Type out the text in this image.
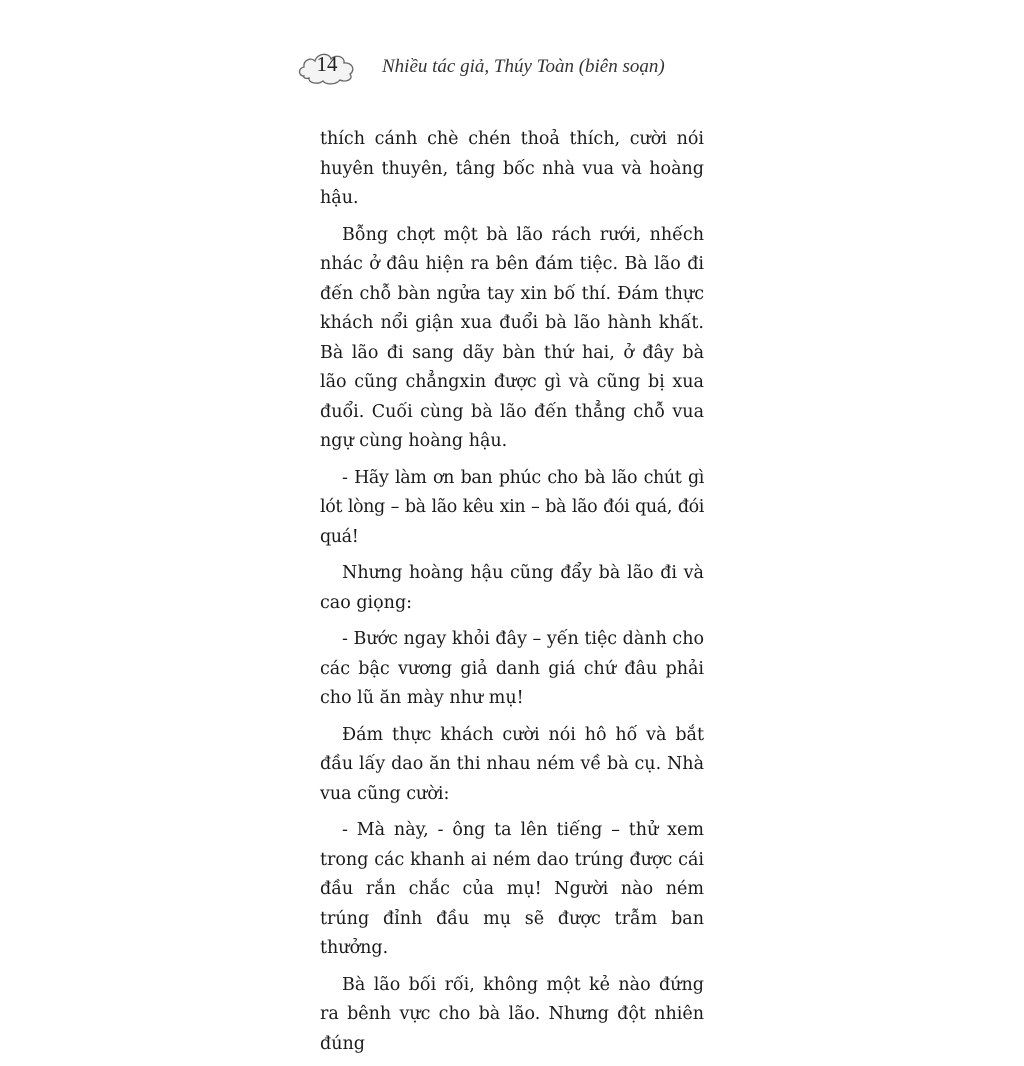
14	Nhiều tác giả, Thúy Toàn (biên soạn)

thích cánh chè chén thoả thích, cười nói huyên thuyên, tâng bốc nhà vua và hoàng hậu.

Bỗng chợt một bà lão rách rưới, nhếch nhác ở đâu hiện ra bên đám tiệc. Bà lão đi đến chỗ bàn ngửa tay xin bố thí. Đám thực khách nổi giận xua đuổi bà lão hành khất. Bà lão đi sang dãy bàn thứ hai, ở đây bà lão cũng chẳngxin được gì và cũng bị xua đuổi. Cuối cùng bà lão đến thẳng chỗ vua ngự cùng hoàng hậu.

- Hãy làm ơn ban phúc cho bà lão chút gì lót lòng – bà lão kêu xin – bà lão đói quá, đói quá!

Nhưng hoàng hậu cũng đẩy bà lão đi và cao giọng:

- Bước ngay khỏi đây – yến tiệc dành cho các bậc vương giả danh giá chứ đâu phải cho lũ ăn mày như mụ!

Đám thực khách cười nói hô hố và bắt đầu lấy dao ăn thi nhau ném về bà cụ. Nhà vua cũng cười:

- Mà này, - ông ta lên tiếng – thử xem trong các khanh ai ném dao trúng được cái đầu rắn chắc của mụ! Người nào ném trúng đỉnh đầu mụ sẽ được trẫm ban thưởng.

Bà lão bối rối, không một kẻ nào đứng ra bênh vực cho bà lão. Nhưng đột nhiên đúng
